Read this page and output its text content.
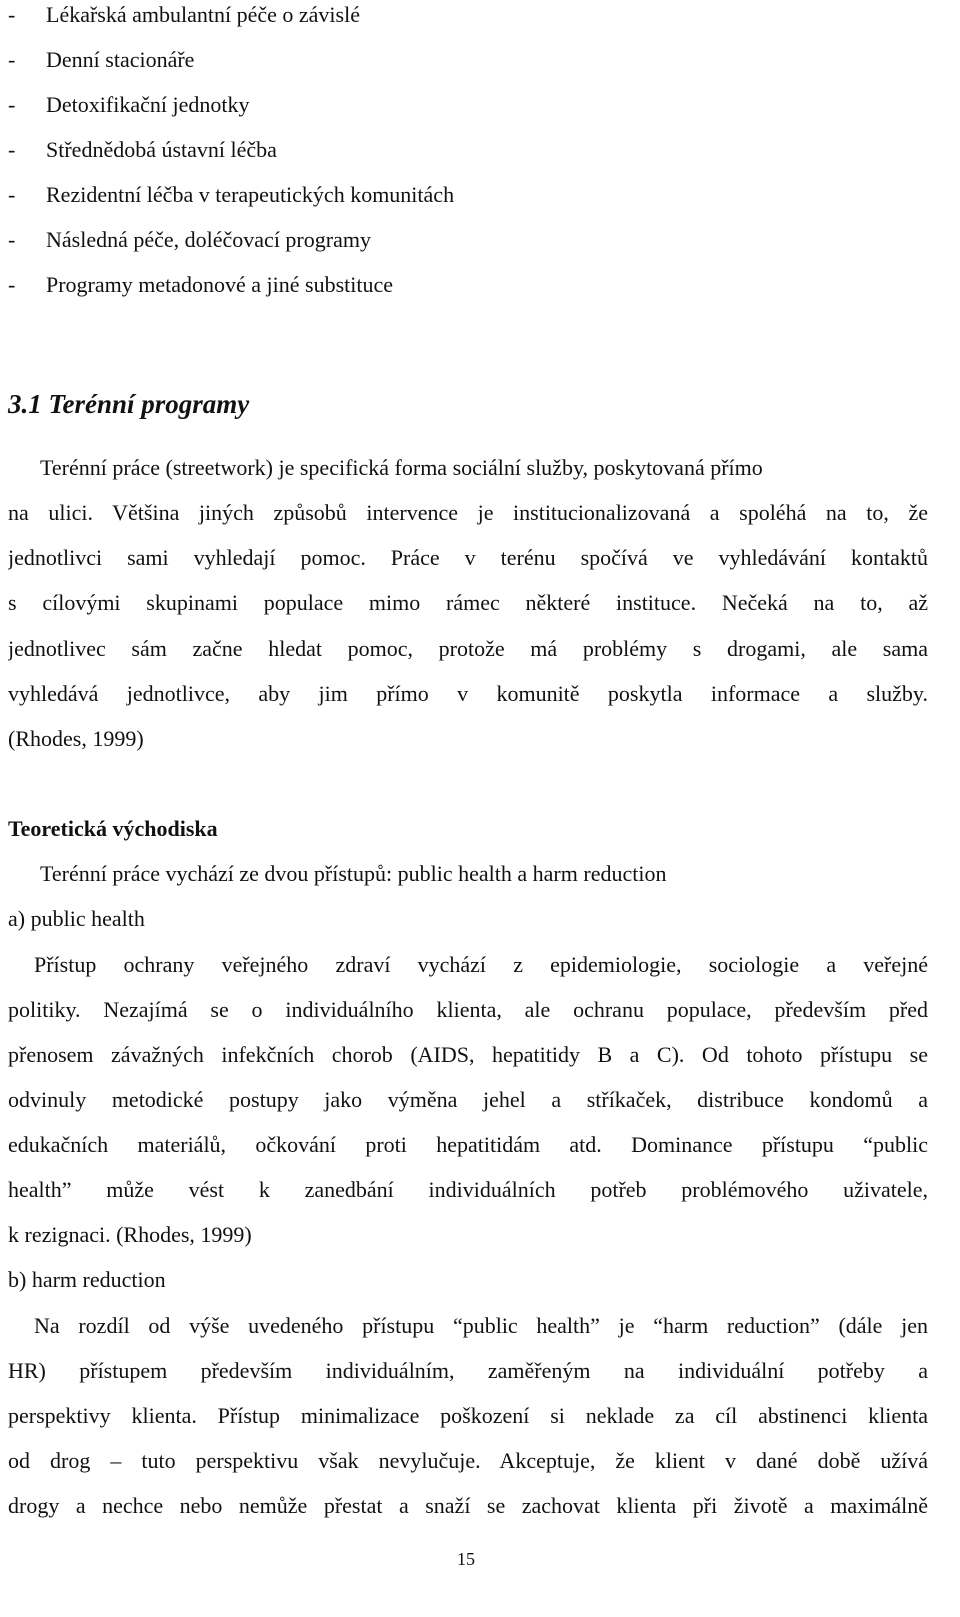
- Lékařská ambulantní péče o závislé
- Denní stacionáře
- Detoxifikační jednotky
- Střednědobá ústavní léčba
- Rezidentní léčba v terapeutických komunitách
- Následná péče, doléčovací programy
- Programy metadonové a jiné substituce
3.1 Terénní programy

Terénní práce (streetwork) je specifická forma sociální služby, poskytovaná přímo

na ulici. Většina jiných způsobů intervence je institucionalizovaná a spoléhá na to, že

jednotlivci sami vyhledají pomoc. Práce v terénu spočívá ve vyhledávání kontaktů

s cílovými skupinami populace mimo rámec některé instituce. Nečeká na to, až

jednotlivec sám začne hledat pomoc, protože má problémy s drogami, ale sama

vyhledává jednotlivce, aby jim přímo v komunitě poskytla informace a služby.

(Rhodes, 1999)

Teoretická východiska

Terénní práce vychází ze dvou přístupů: public health a harm reduction

a) public health

Přístup ochrany veřejného zdraví vychází z epidemiologie, sociologie a veřejné

politiky. Nezajímá se o individuálního klienta, ale ochranu populace, především před

přenosem závažných infekčních chorob (AIDS, hepatitidy B a C). Od tohoto přístupu se

odvinuly metodické postupy jako výměna jehel a stříkaček, distribuce kondomů a

edukačních materiálů, očkování proti hepatitidám atd. Dominance přístupu “public

health” může vést k zanedbání individuálních potřeb problémového uživatele,

k rezignaci. (Rhodes, 1999)

b) harm reduction

Na rozdíl od výše uvedeného přístupu “public health” je “harm reduction” (dále jen

HR) přístupem především individuálním, zaměřeným na individuální potřeby a

perspektivy klienta. Přístup minimalizace poškození si neklade za cíl abstinenci klienta

od drog – tuto perspektivu však nevylučuje. Akceptuje, že klient v dané době užívá

drogy a nechce nebo nemůže přestat a snaží se zachovat klienta při životě a maximálně

15
